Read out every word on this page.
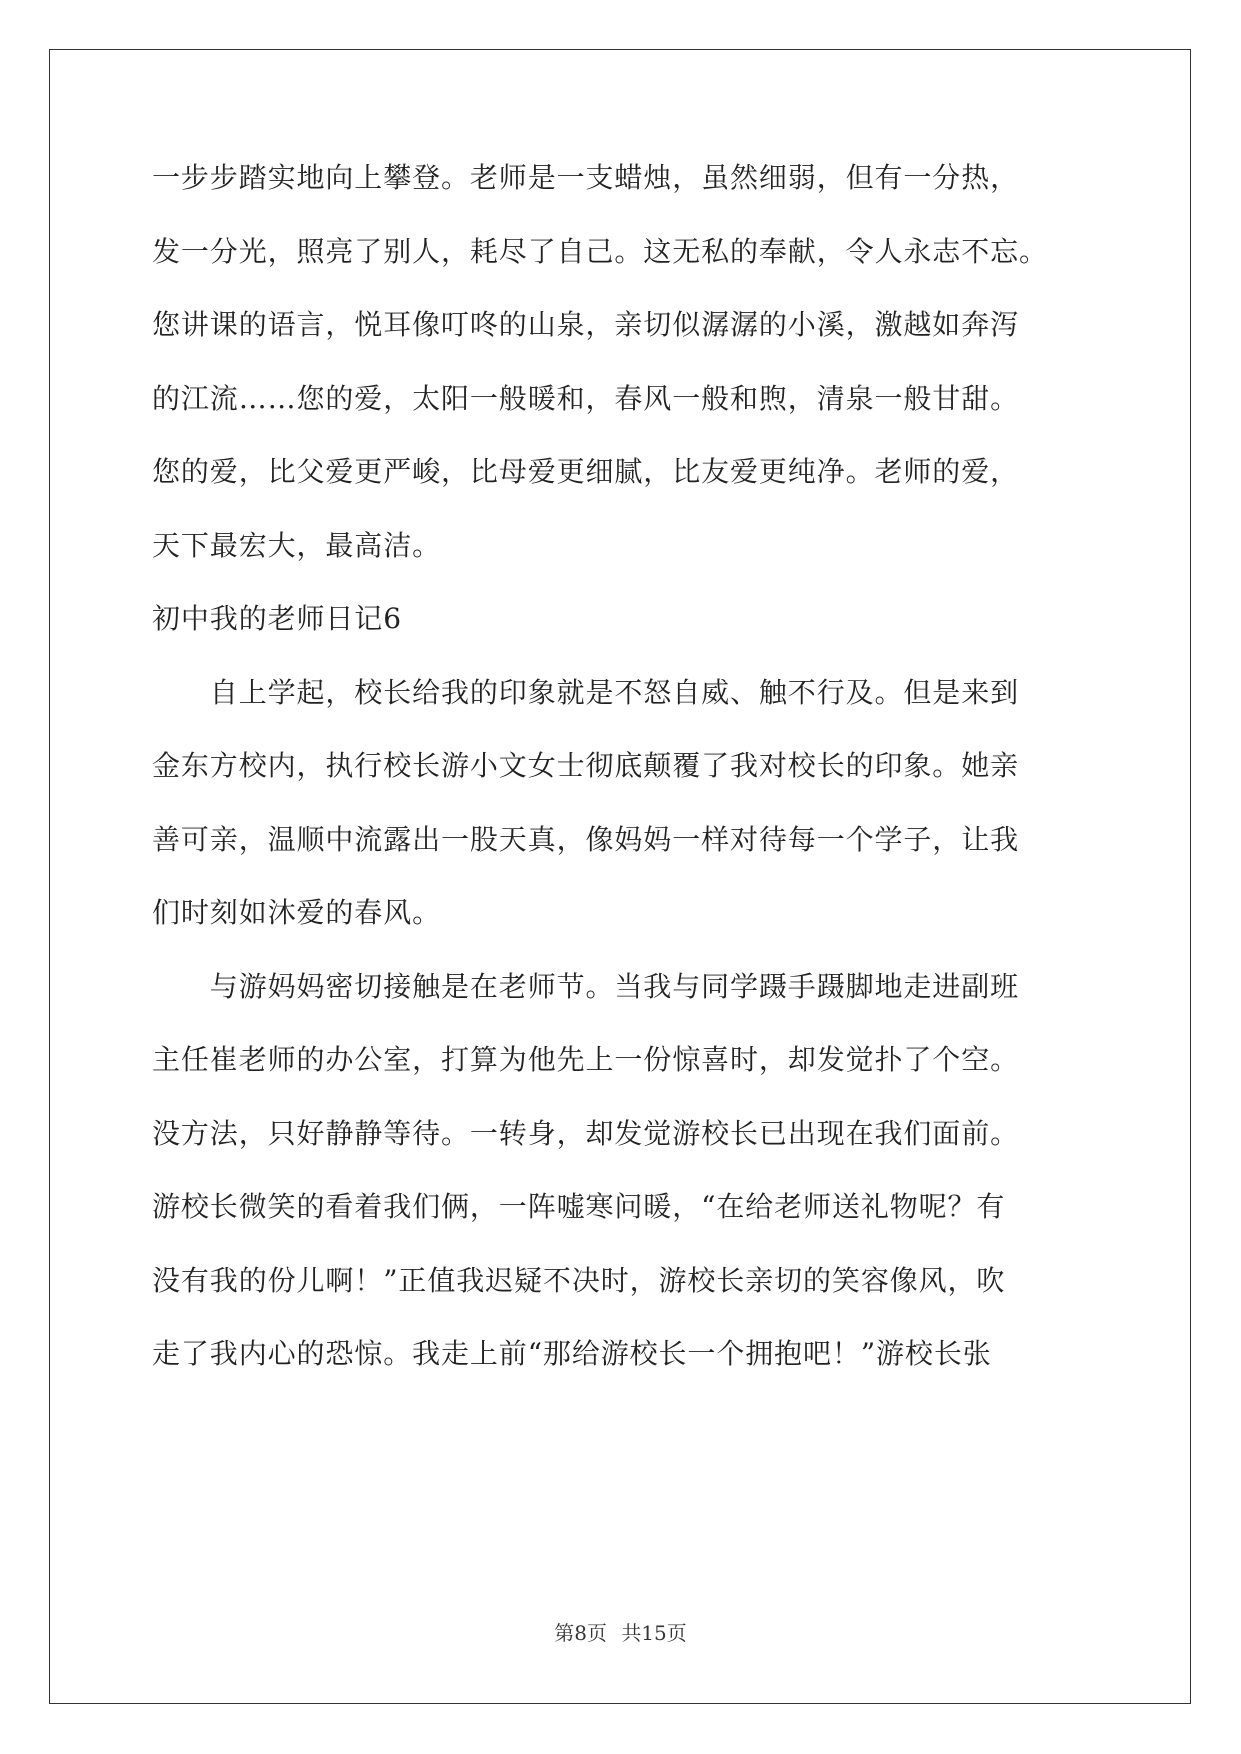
一步步踏实地向上攀登。老师是一支蜡烛，虽然细弱，但有一分热，
发一分光，照亮了别人，耗尽了自己。这无私的奉献，令人永志不忘。
您讲课的语言，悦耳像叮咚的山泉，亲切似潺潺的小溪，激越如奔泻
的江流……您的爱，太阳一般暖和，春风一般和煦，清泉一般甘甜。
您的爱，比父爱更严峻，比母爱更细腻，比友爱更纯净。老师的爱，
天下最宏大，最高洁。
初中我的老师日记6
　　自上学起，校长给我的印象就是不怒自威、触不行及。但是来到
金东方校内，执行校长游小文女士彻底颠覆了我对校长的印象。她亲
善可亲，温顺中流露出一股天真，像妈妈一样对待每一个学子，让我
们时刻如沐爱的春风。
　　与游妈妈密切接触是在老师节。当我与同学蹑手蹑脚地走进副班
主任崔老师的办公室，打算为他先上一份惊喜时，却发觉扑了个空。
没方法，只好静静等待。一转身，却发觉游校长已出现在我们面前。
游校长微笑的看着我们俩，一阵嘘寒问暖，“在给老师送礼物呢？有
没有我的份儿啊！”正值我迟疑不决时，游校长亲切的笑容像风，吹
走了我内心的恐惊。我走上前“那给游校长一个拥抱吧！”游校长张
第8页 共15页
